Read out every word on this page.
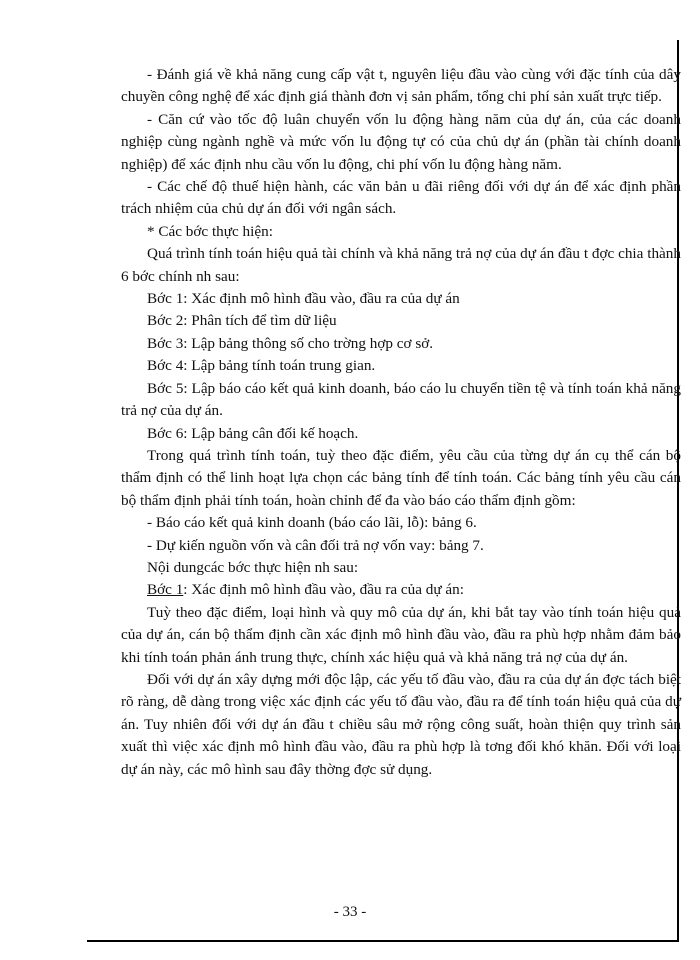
- Đánh giá về khả năng cung cấp vật t, nguyên liệu đầu vào cùng với đặc tính của dây chuyền công nghệ để xác định giá thành đơn vị sản phẩm, tổng chi phí sản xuất trực tiếp.

- Căn cứ vào tốc độ luân chuyển vốn lu động hàng năm của dự án, của các doanh nghiệp cùng ngành nghề và mức vốn lu động tự có của chủ dự án (phần tài chính doanh nghiệp) để xác định nhu cầu vốn lu động, chi phí vốn lu động hàng năm.

- Các chế độ thuế hiện hành, các văn bản u đãi riêng đối với dự án để xác định phần trách nhiệm của chủ dự án đối với ngân sách.

* Các bớc thực hiện:

Quá trình tính toán hiệu quả tài chính và khả năng trả nợ của dự án đầu t đợc chia thành 6 bớc chính nh sau:

Bớc 1: Xác định mô hình đầu vào, đầu ra của dự án

Bớc 2: Phân tích để tìm dữ liệu

Bớc 3: Lập bảng thông số cho trờng hợp cơ sở.

Bớc 4: Lập bảng tính toán trung gian.

Bớc 5: Lập báo cáo kết quả kinh doanh, báo cáo lu chuyển tiền tệ và tính toán khả năng trả nợ của dự án.

Bớc 6: Lập bảng cân đối kế hoạch.

Trong quá trình tính toán, tuỳ theo đặc điểm, yêu cầu của từng dự án cụ thể cán bộ thẩm định có thể linh hoạt lựa chọn các bảng tính để tính toán. Các bảng tính yêu cầu cán bộ thẩm định phải tính toán, hoàn chỉnh để đa vào báo cáo thẩm định gồm:

- Báo cáo kết quả kinh doanh (báo cáo lãi, lỗ): bảng 6.

- Dự kiến nguồn vốn và cân đối trả nợ vốn vay: bảng 7.

Nội dungcác bớc thực hiện nh sau:

Bớc 1: Xác định mô hình đầu vào, đầu ra của dự án:

Tuỳ theo đặc điểm, loại hình và quy mô của dự án, khi bắt tay vào tính toán hiệu quả của dự án, cán bộ thẩm định cần xác định mô hình đầu vào, đầu ra phù hợp nhằm đảm bảo khi tính toán phản ánh trung thực, chính xác hiệu quả và khả năng trả nợ của dự án.

Đối với dự án xây dựng mới độc lập, các yếu tố đầu vào, đầu ra của dự án đợc tách biệt rõ ràng, dễ dàng trong việc xác định các yếu tố đầu vào, đầu ra để tính toán hiệu quả của dự án. Tuy nhiên đối với dự án đầu t chiều sâu mở rộng công suất, hoàn thiện quy trình sản xuất thì việc xác định mô hình đầu vào, đầu ra phù hợp là tơng đối khó khăn. Đối với loại dự án này, các mô hình sau đây thờng đợc sử dụng.

- 33 -
